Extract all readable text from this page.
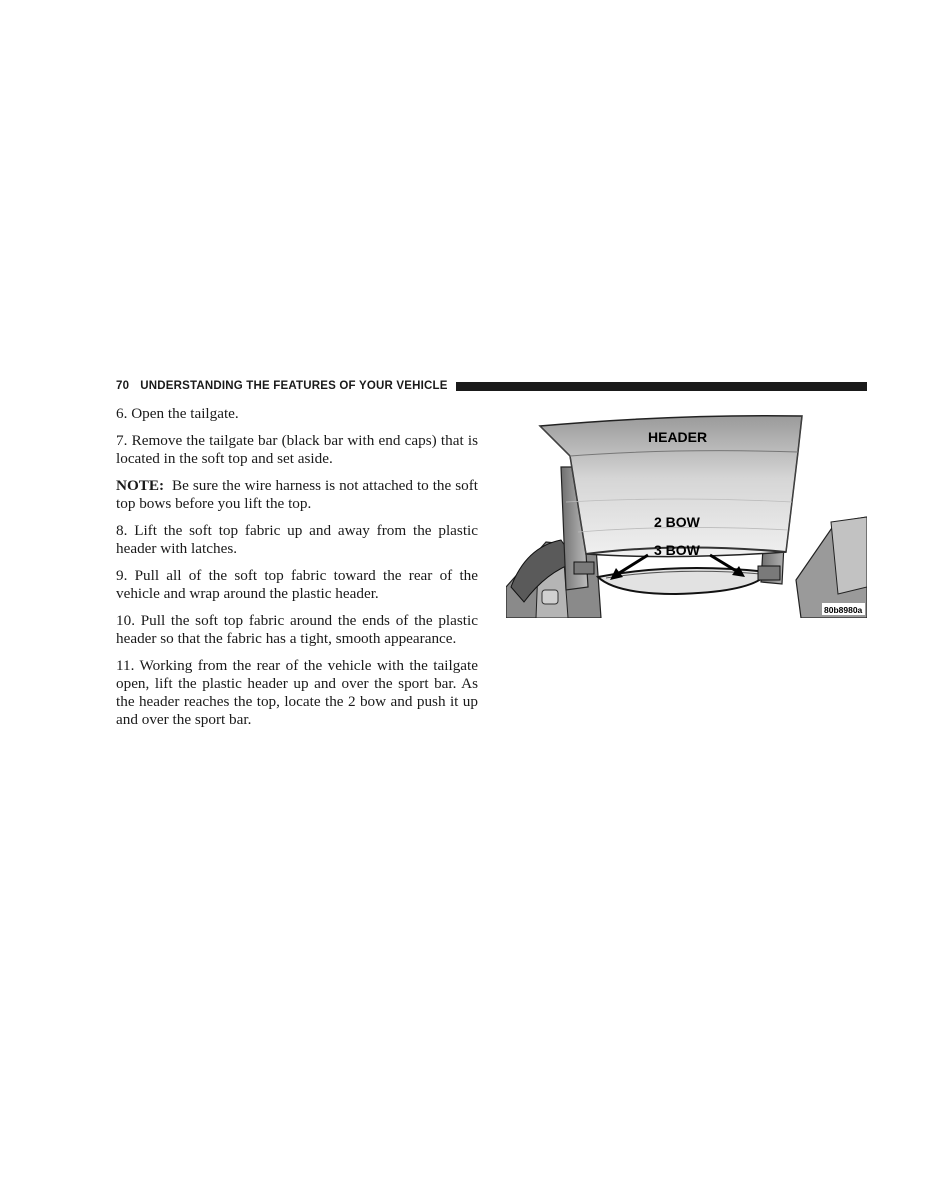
70 UNDERSTANDING THE FEATURES OF YOUR VEHICLE

6. Open the tailgate.

7. Remove the tailgate bar (black bar with end caps) that is located in the soft top and set aside.

NOTE: Be sure the wire harness is not attached to the soft top bows before you lift the top.

8. Lift the soft top fabric up and away from the plastic header with latches.

9. Pull all of the soft top fabric toward the rear of the vehicle and wrap around the plastic header.

10. Pull the soft top fabric around the ends of the plastic header so that the fabric has a tight, smooth appearance.

11. Working from the rear of the vehicle with the tailgate open, lift the plastic header up and over the sport bar. As the header reaches the top, locate the 2 bow and push it up and over the sport bar.

HEADER
2 BOW
3 BOW
80b8980a
